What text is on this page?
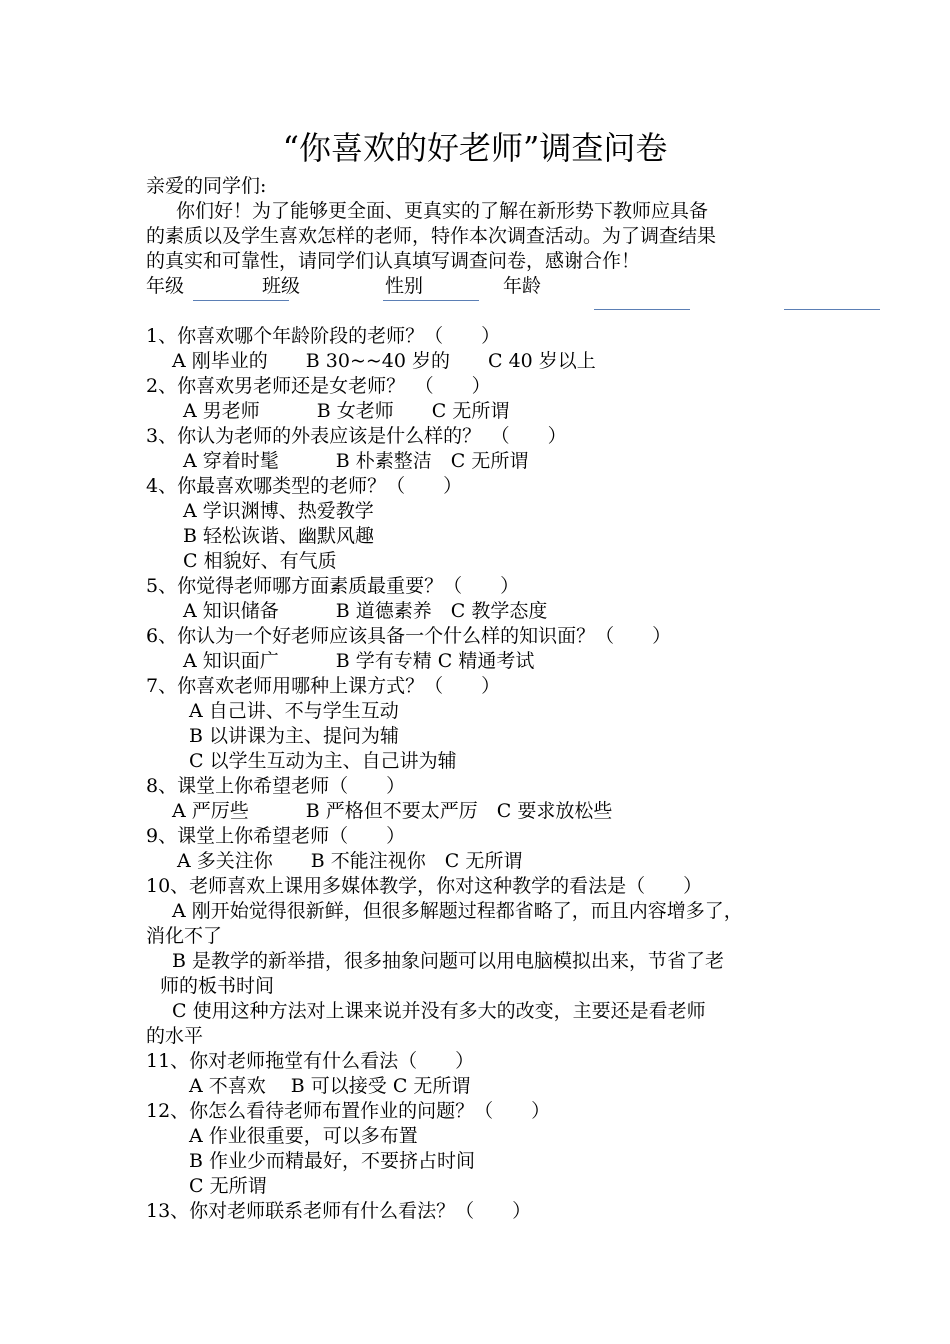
“你喜欢的好老师”调查问卷
亲爱的同学们:
你们好！为了能够更全面、更真实的了解在新形势下教师应具备
的素质以及学生喜欢怎样的老师，特作本次调查活动。为了调查结果
的真实和可靠性，请同学们认真填写调查问卷，感谢合作！
年级	班级	性别	年龄
1、你喜欢哪个年龄阶段的老师？（　　）
A 刚毕业的　　B 30~~40 岁的　　C 40 岁以上
2、你喜欢男老师还是女老师？　（　　）
A 男老师　　　B 女老师　　C 无所谓
3、你认为老师的外表应该是什么样的？　（　　）
A 穿着时髦　　　B 朴素整洁　C 无所谓
4、你最喜欢哪类型的老师？（　　）
A 学识渊博、热爱教学
B 轻松诙谐、幽默风趣
C 相貌好、有气质
5、你觉得老师哪方面素质最重要？（　　）
A 知识储备　　　B 道德素养　C 教学态度
6、你认为一个好老师应该具备一个什么样的知识面？（　　）
A 知识面广　　　B 学有专精 C 精通考试
7、你喜欢老师用哪种上课方式？（　　）
A 自己讲、不与学生互动
B 以讲课为主、提问为辅
C 以学生互动为主、自己讲为辅
8、课堂上你希望老师（　　）
A 严厉些　　　B 严格但不要太严厉　C 要求放松些
9、课堂上你希望老师（　　）
A 多关注你　　B 不能注视你　C 无所谓
10、老师喜欢上课用多媒体教学，你对这种教学的看法是（　　）
A 刚开始觉得很新鲜，但很多解题过程都省略了，而且内容增多了，
消化不了
B 是教学的新举措，很多抽象问题可以用电脑模拟出来，节省了老
师的板书时间
C 使用这种方法对上课来说并没有多大的改变，主要还是看老师
的水平
11、你对老师拖堂有什么看法（　　）
A 不喜欢　 B 可以接受 C 无所谓
12、你怎么看待老师布置作业的问题？（　　）
A 作业很重要，可以多布置
B 作业少而精最好，不要挤占时间
C 无所谓
13、你对老师联系老师有什么看法？（　　）
